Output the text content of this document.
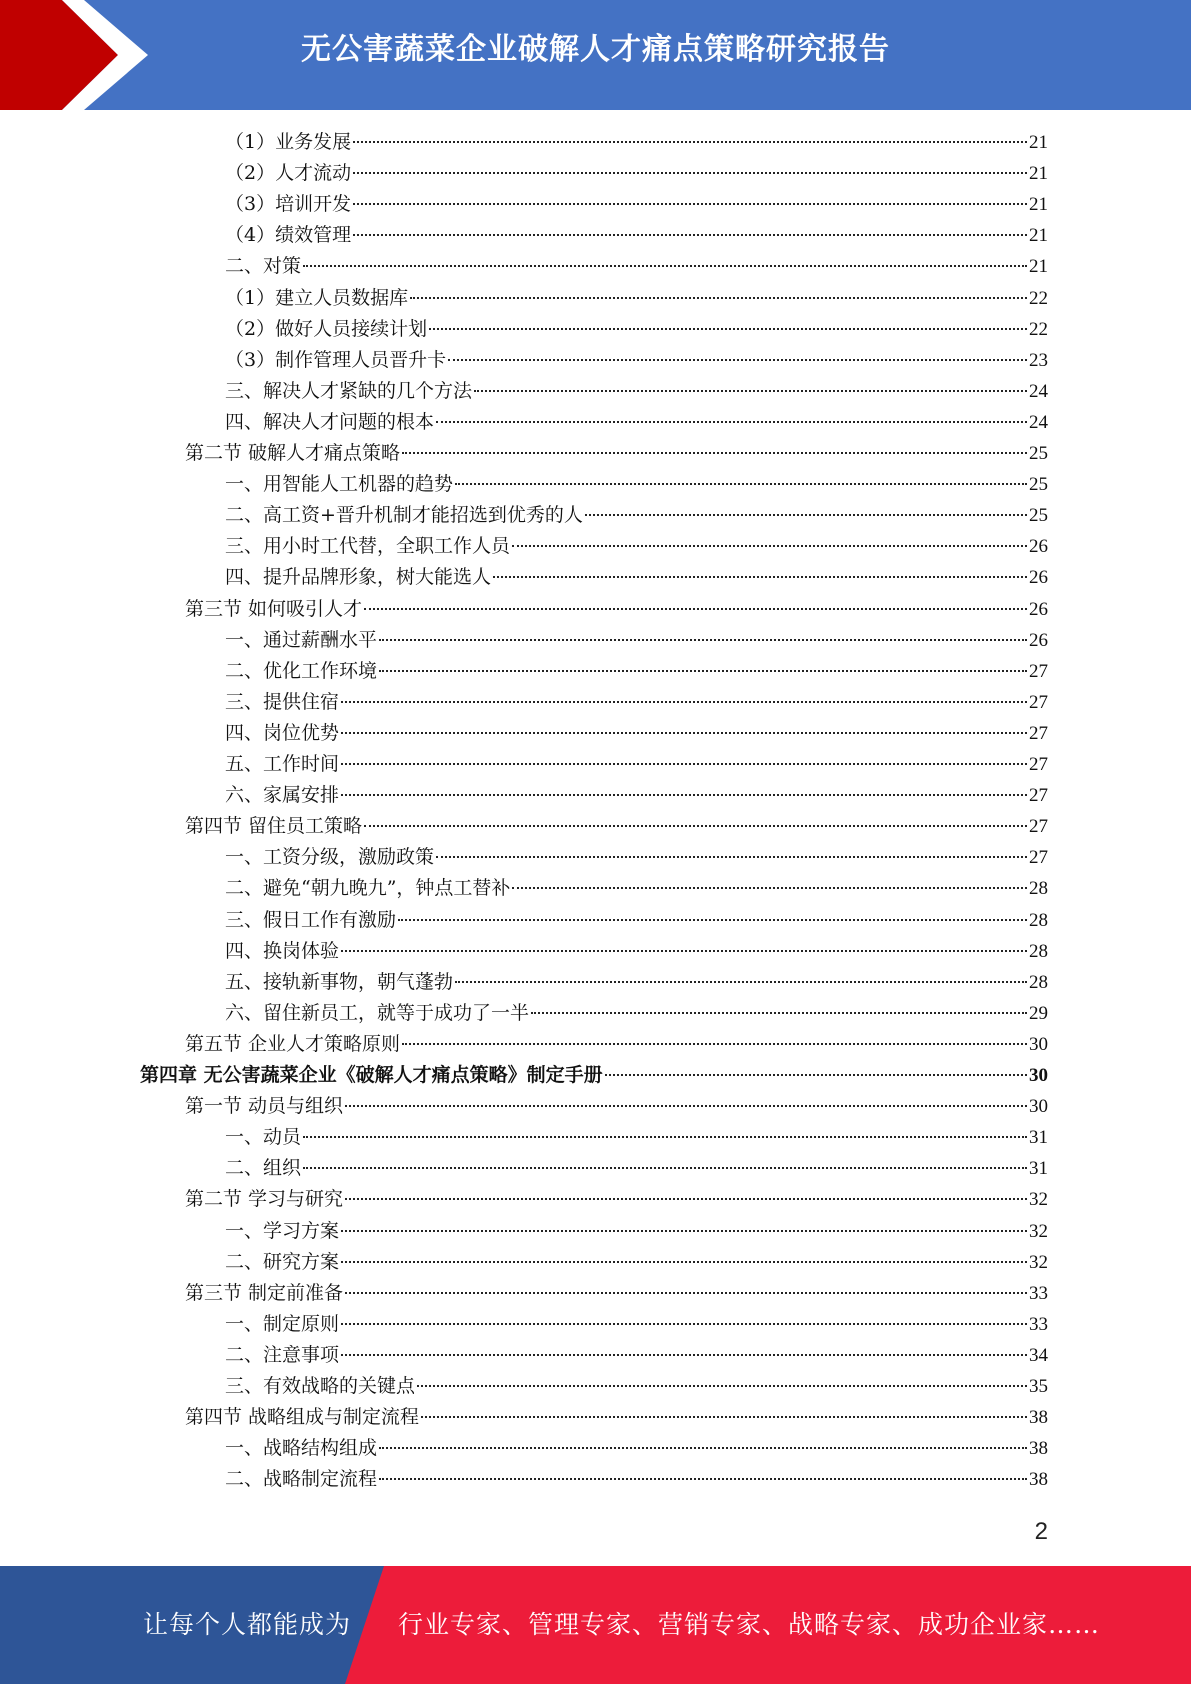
无公害蔬菜企业破解人才痛点策略研究报告
（1）业务发展	21
（2）人才流动	21
（3）培训开发	21
（4）绩效管理	21
二、对策	21
（1）建立人员数据库	22
（2）做好人员接续计划	22
（3）制作管理人员晋升卡	23
三、解决人才紧缺的几个方法	24
四、解决人才问题的根本	24
第二节 破解人才痛点策略	25
一、用智能人工机器的趋势	25
二、高工资+晋升机制才能招选到优秀的人	25
三、用小时工代替，全职工作人员	26
四、提升品牌形象，树大能选人	26
第三节 如何吸引人才	26
一、通过薪酬水平	26
二、优化工作环境	27
三、提供住宿	27
四、岗位优势	27
五、工作时间	27
六、家属安排	27
第四节 留住员工策略	27
一、工资分级，激励政策	27
二、避免“朝九晚九”，钟点工替补	28
三、假日工作有激励	28
四、换岗体验	28
五、接轨新事物，朝气蓬勃	28
六、留住新员工，就等于成功了一半	29
第五节 企业人才策略原则	30
第四章 无公害蔬菜企业《破解人才痛点策略》制定手册	30
第一节 动员与组织	30
一、动员	31
二、组织	31
第二节 学习与研究	32
一、学习方案	32
二、研究方案	32
第三节 制定前准备	33
一、制定原则	33
二、注意事项	34
三、有效战略的关键点	35
第四节 战略组成与制定流程	38
一、战略结构组成	38
二、战略制定流程	38
2
让每个人都能成为 行业专家、管理专家、营销专家、战略专家、成功企业家……
